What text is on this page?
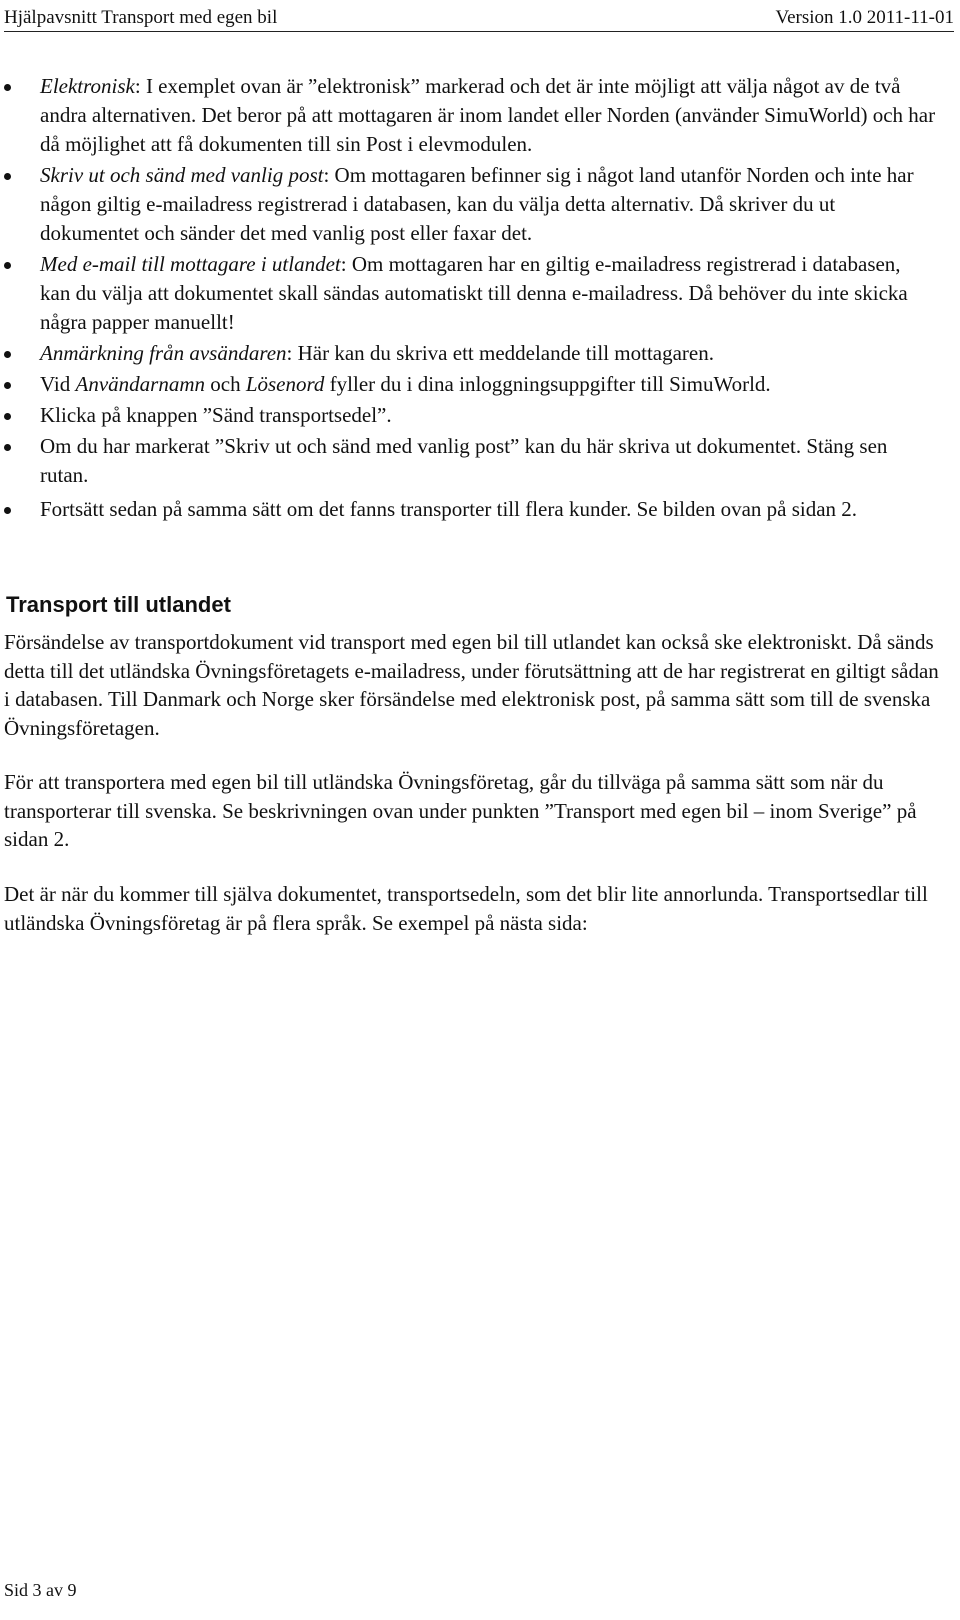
Hjälpavsnitt Transport med egen bil	Version 1.0 2011-11-01
Elektronisk: I exemplet ovan är ”elektronisk” markerad och det är inte möjligt att välja något av de två andra alternativen. Det beror på att mottagaren är inom landet eller Norden (använder SimuWorld) och har då möjlighet att få dokumenten till sin Post i elevmodulen.
Skriv ut och sänd med vanlig post: Om mottagaren befinner sig i något land utanför Norden och inte har någon giltig e-mailadress registrerad i databasen, kan du välja detta alternativ. Då skriver du ut dokumentet och sänder det med vanlig post eller faxar det.
Med e-mail till mottagare i utlandet: Om mottagaren har en giltig e-mailadress registrerad i databasen, kan du välja att dokumentet skall sändas automatiskt till denna e-mailadress. Då behöver du inte skicka några papper manuellt!
Anmärkning från avsändaren: Här kan du skriva ett meddelande till mottagaren.
Vid Användarnamn och Lösenord fyller du i dina inloggningsuppgifter till SimuWorld.
Klicka på knappen ”Sänd transportsedel”.
Om du har markerat ”Skriv ut och sänd med vanlig post” kan du här skriva ut dokumentet. Stäng sen rutan.
Fortsätt sedan på samma sätt om det fanns transporter till flera kunder. Se bilden ovan på sidan 2.
Transport till utlandet

Försändelse av transportdokument vid transport med egen bil till utlandet kan också ske elektroniskt. Då sänds detta till det utländska Övningsföretagets e-mailadress, under förutsättning att de har registrerat en giltigt sådan i databasen. Till Danmark och Norge sker försändelse med elektronisk post, på samma sätt som till de svenska Övningsföretagen.

För att transportera med egen bil till utländska Övningsföretag, går du tillväga på samma sätt som när du transporterar till svenska. Se beskrivningen ovan under punkten ”Transport med egen bil – inom Sverige” på sidan 2.

Det är när du kommer till själva dokumentet, transportsedeln, som det blir lite annorlunda. Transportsedlar till utländska Övningsföretag är på flera språk. Se exempel på nästa sida:

Sid 3 av 9
